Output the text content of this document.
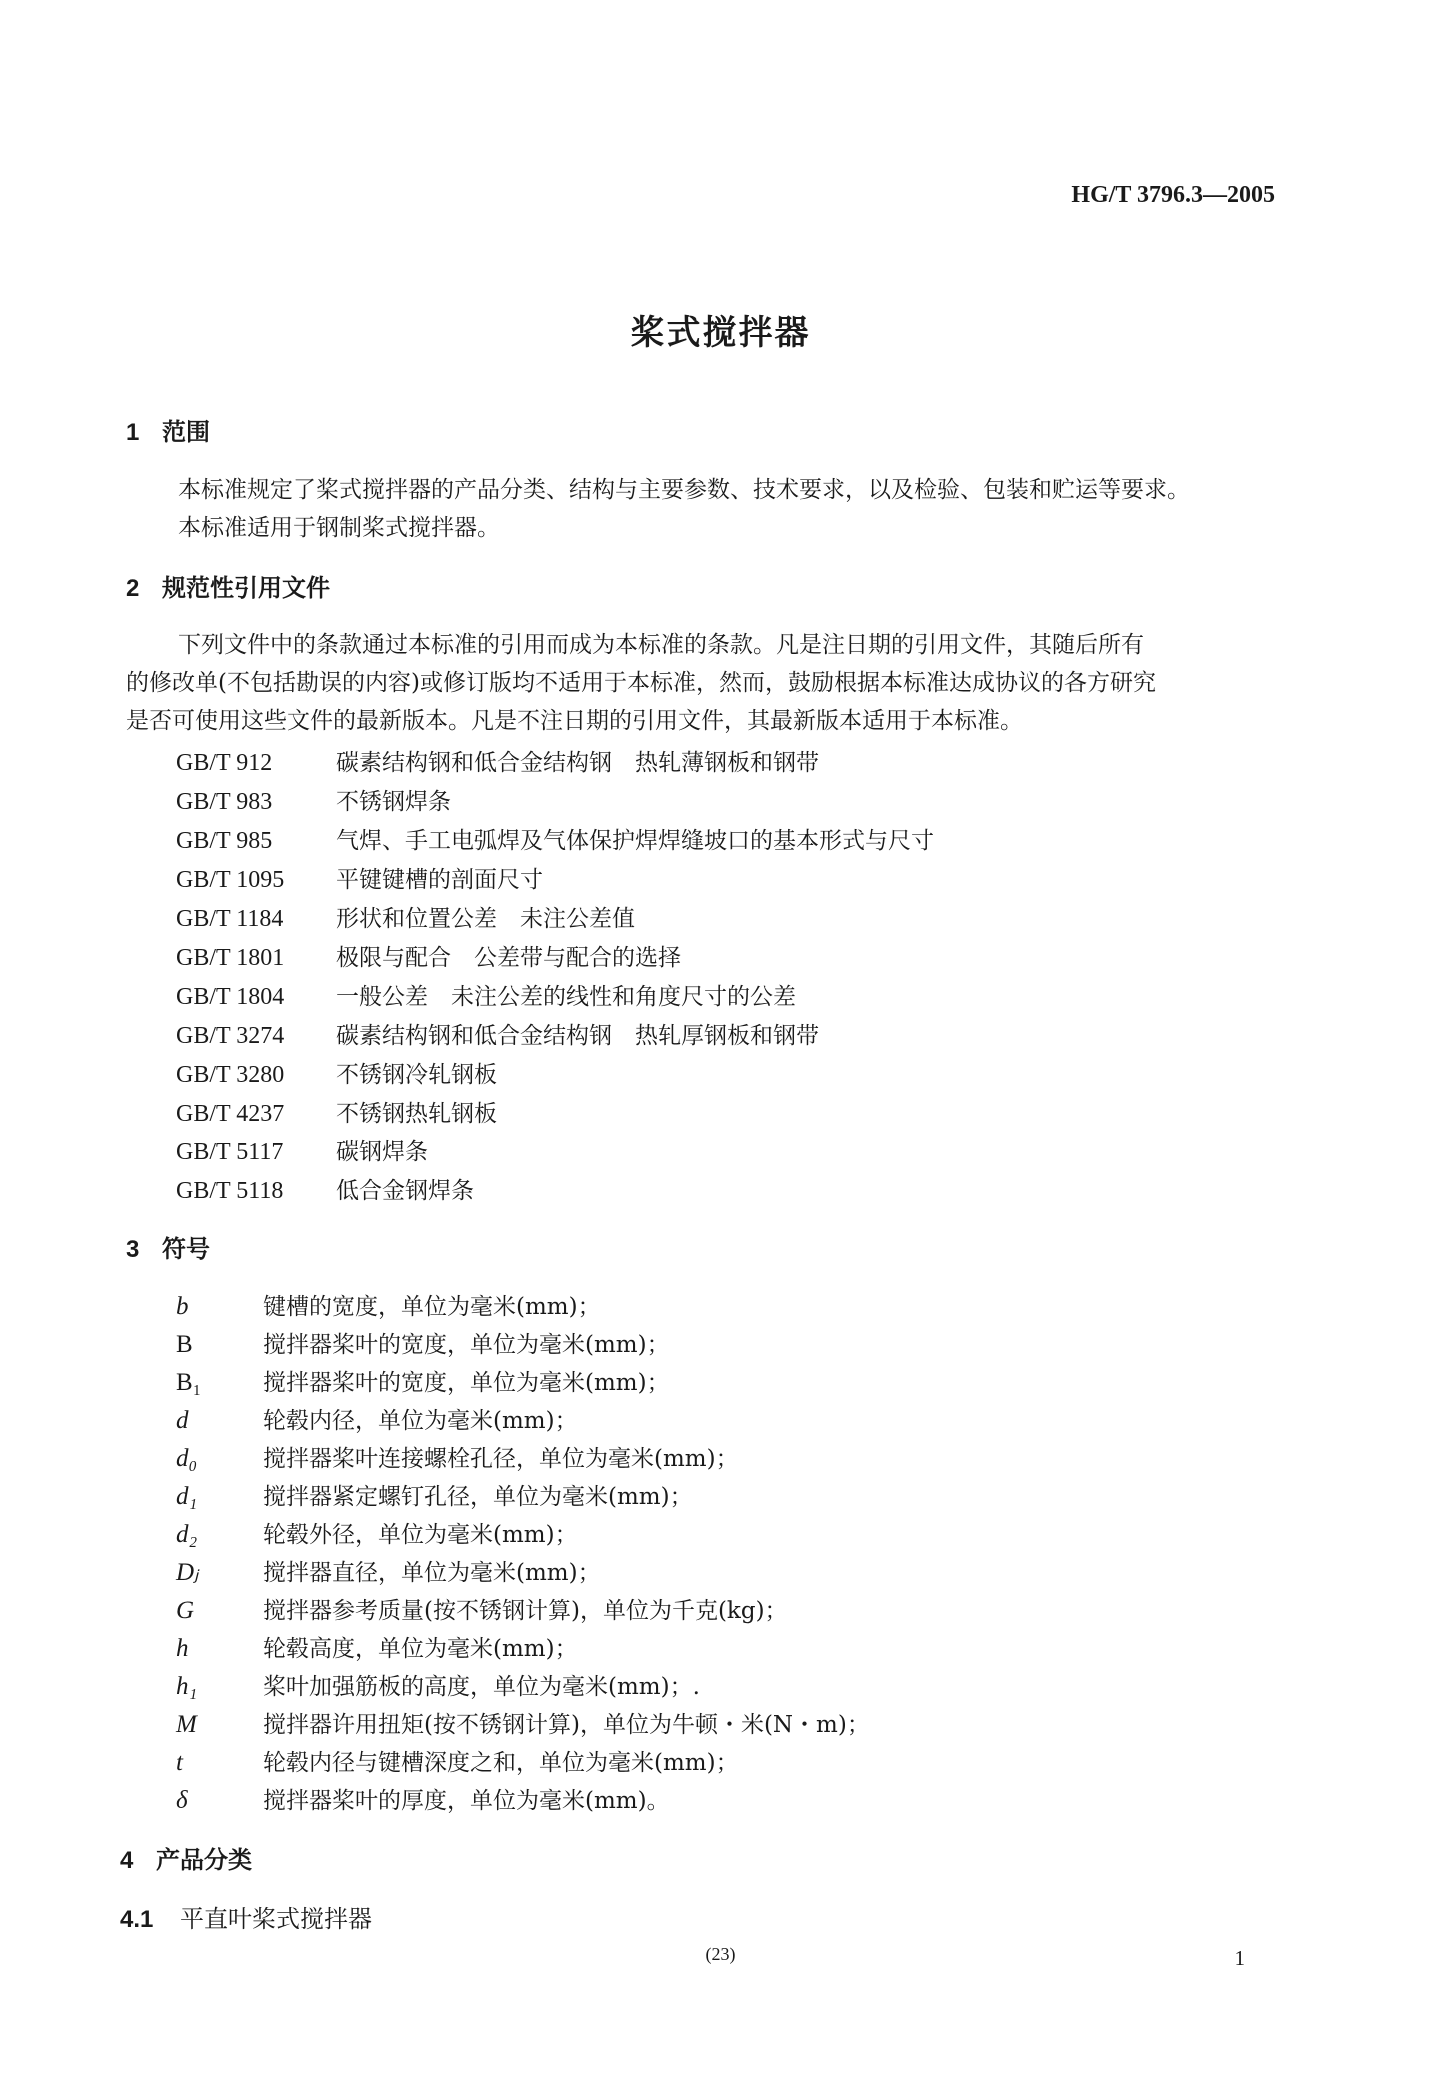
HG/T 3796.3—2005
桨式搅拌器
1 范围
本标准规定了桨式搅拌器的产品分类、结构与主要参数、技术要求，以及检验、包装和贮运等要求。
本标准适用于钢制桨式搅拌器。
2 规范性引用文件
下列文件中的条款通过本标准的引用而成为本标准的条款。凡是注日期的引用文件，其随后所有
的修改单(不包括勘误的内容)或修订版均不适用于本标准，然而，鼓励根据本标准达成协议的各方研究
是否可使用这些文件的最新版本。凡是不注日期的引用文件，其最新版本适用于本标准。
GB/T 912	碳素结构钢和低合金结构钢　热轧薄钢板和钢带
GB/T 983	不锈钢焊条
GB/T 985	气焊、手工电弧焊及气体保护焊焊缝坡口的基本形式与尺寸
GB/T 1095 平键键槽的剖面尺寸
GB/T 1184 形状和位置公差　未注公差值
GB/T 1801 极限与配合　公差带与配合的选择
GB/T 1804 一般公差　未注公差的线性和角度尺寸的公差
GB/T 3274 碳素结构钢和低合金结构钢　热轧厚钢板和钢带
GB/T 3280 不锈钢冷轧钢板
GB/T 4237 不锈钢热轧钢板
GB/T 5117 碳钢焊条
GB/T 5118 低合金钢焊条
3 符号
b	键槽的宽度，单位为毫米(mm)；
B	搅拌器桨叶的宽度，单位为毫米(mm)；
B₁	搅拌器桨叶的宽度，单位为毫米(mm)；
d	轮毂内径，单位为毫米(mm)；
d₀	搅拌器桨叶连接螺栓孔径，单位为毫米(mm)；
d₁	搅拌器紧定螺钉孔径，单位为毫米(mm)；
d₂	轮毂外径，单位为毫米(mm)；
Dⱼ	搅拌器直径，单位为毫米(mm)；
G	搅拌器参考质量(按不锈钢计算)，单位为千克(kg)；
h	轮毂高度，单位为毫米(mm)；
h₁	桨叶加强筋板的高度，单位为毫米(mm)；.
M	搅拌器许用扭矩(按不锈钢计算)，单位为牛顿・米(N・m)；
t	轮毂内径与键槽深度之和，单位为毫米(mm)；
δ	搅拌器桨叶的厚度，单位为毫米(mm)。
4 产品分类
4.1 平直叶桨式搅拌器
(23)	1
